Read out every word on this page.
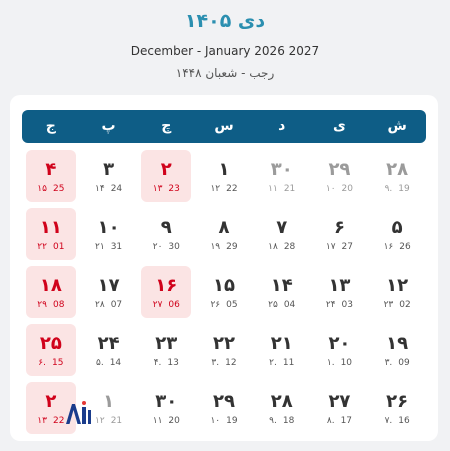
دی ۱۴۰۵
December - January 2026 2027
رجب - شعبان ۱۴۴۸
ش
ی
د
س
چ
پ
ج
۲۸
۹. 19
۲۹
۱۰ 20
۳۰
۱۱ 21
۱
۱۲ 22
۲
۱۳ 23
۳
۱۴ 24
۴
۱۵ 25
۵
۱۶ 26
۶
۱۷ 27
۷
۱۸ 28
۸
۱۹ 29
۹
۲۰ 30
۱۰
۲۱ 31
۱۱
۲۲ 01
۱۲
۲۳ 02
۱۳
۲۴ 03
۱۴
۲۵ 04
۱۵
۲۶ 05
۱۶
۲۷ 06
۱۷
۲۸ 07
۱۸
۲۹ 08
۱۹
۳. 09
۲۰
۱. 10
۲۱
۲. 11
۲۲
۳. 12
۲۳
۴. 13
۲۴
۵. 14
۲۵
۶. 15
۲۶
۷. 16
۲۷
۸. 17
۲۸
۹. 18
۲۹
۱۰ 19
۳۰
۱۱ 20
۱
۱۲ 21
۲
۱۳ 22
